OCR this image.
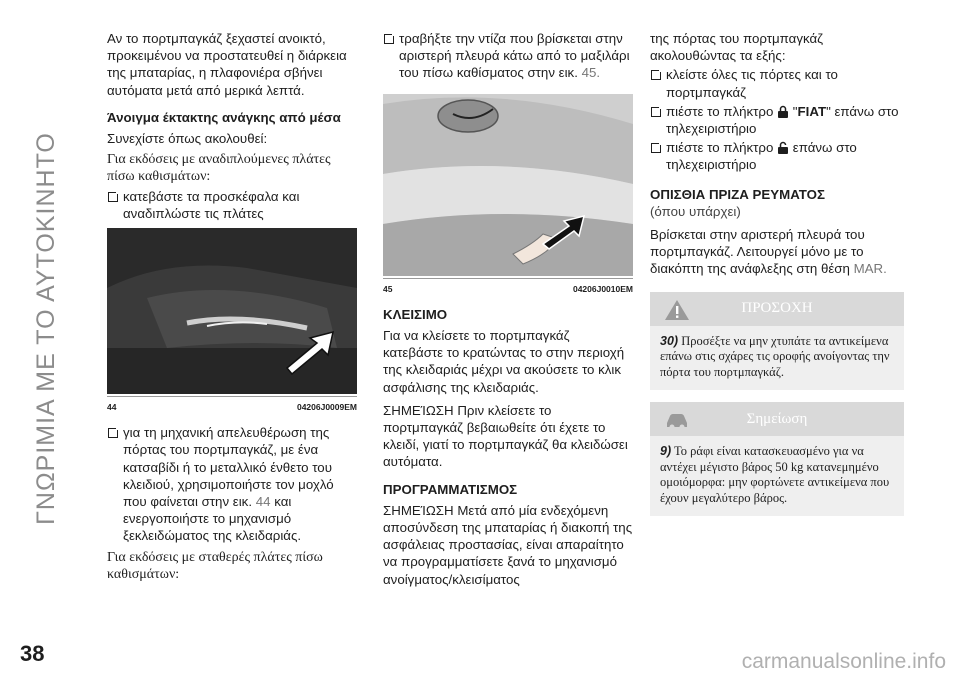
ΓΝΩΡΙΜΙΑ ΜΕ ΤΟ ΑΥΤΟΚΙΝΗΤΟ

Αν το πορτμπαγκάζ ξεχαστεί ανοικτό, προκειμένου να προστατευθεί η διάρκεια της μπαταρίας, η πλαφονιέρα σβήνει αυτόματα μετά από μερικά λεπτά.

Άνοιγμα έκτακτης ανάγκης από μέσα

Συνεχίστε όπως ακολουθεί:

Για εκδόσεις με αναδιπλούμενες πλάτες πίσω καθισμάτων:

κατεβάστε τα προσκέφαλα και αναδιπλώστε τις πλάτες
44	04206J0009EM
για τη μηχανική απελευθέρωση της πόρτας του πορτμπαγκάζ, με ένα κατσαβίδι ή το μεταλλικό ένθετο του κλειδιού, χρησιμοποιήστε τον μοχλό που φαίνεται στην εικ. 44 και ενεργοποιήστε το μηχανισμό ξεκλειδώματος της κλειδαριάς.

Για εκδόσεις με σταθερές πλάτες πίσω καθισμάτων:

τραβήξτε την ντίζα που βρίσκεται στην αριστερή πλευρά κάτω από το μαξιλάρι του πίσω καθίσματος στην εικ. 45.
45	04206J0010EM

ΚΛΕΙΣΙΜΟ

Για να κλείσετε το πορτμπαγκάζ κατεβάστε το κρατώντας το στην περιοχή της κλειδαριάς μέχρι να ακούσετε το κλικ ασφάλισης της κλειδαριάς.

ΣΗΜΕΊΩΣΗ Πριν κλείσετε το πορτμπαγκάζ βεβαιωθείτε ότι έχετε το κλειδί, γιατί το πορτμπαγκάζ θα κλειδώσει αυτόματα.

ΠΡΟΓΡΑΜΜΑΤΙΣΜΟΣ

ΣΗΜΕΊΩΣΗ Μετά από μία ενδεχόμενη αποσύνδεση της μπαταρίας ή διακοπή της ασφάλειας προστασίας, είναι απαραίτητο να προγραμματίσετε ξανά το μηχανισμό ανοίγματος/κλεισίματος

της πόρτας του πορτμπαγκάζ ακολουθώντας τα εξής:

κλείστε όλες τις πόρτες και το πορτμπαγκάζ
πιέστε το πλήκτρο "FIAT" επάνω στο τηλεχειριστήριο
πιέστε το πλήκτρο επάνω στο τηλεχειριστήριο

ΟΠΙΣΘΙΑ ΠΡΙΖΑ ΡΕΥΜΑΤΟΣ

(όπου υπάρχει)

Βρίσκεται στην αριστερή πλευρά του πορτμπαγκάζ. Λειτουργεί μόνο με το διακόπτη της ανάφλεξης στη θέση MAR.

ΠΡΟΣΟΧΗ
30) Προσέξτε να μην χτυπάτε τα αντικείμενα επάνω στις σχάρες τις οροφής ανοίγοντας την πόρτα του πορτμπαγκάζ.
Σημείωση
9) Το ράφι είναι κατασκευασμένο για να αντέχει μέγιστο βάρος 50 kg κατανεμημένο ομοιόμορφα: μην φορτώνετε αντικείμενα που έχουν μεγαλύτερο βάρος.
38	carmanualsonline.info
